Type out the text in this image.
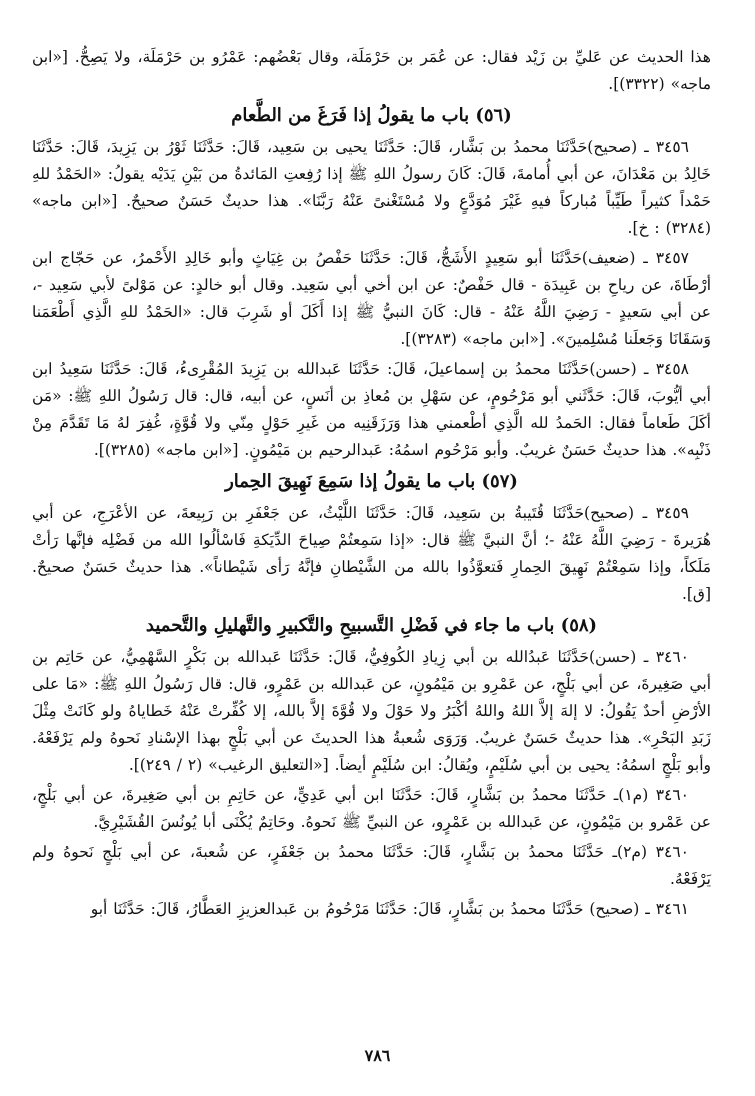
هذا الحديث عن عَليِّ بن زَيْد فقال: عن عُمَر بن حَرْمَلَة، وقال بَعْضُهم: عَمْرُو بن حَرْمَلَة، ولا يَصِحُّ. [«ابن ماجه» (٣٣٢٢)].

(٥٦) باب ما يقولُ إذا فَرَغَ من الطَّعام

٣٤٥٦ ـ (صحيح)حَدَّثَنَا محمدُ بن بَشَّار، قَالَ: حَدَّثَنَا يحيى بن سَعِيد، قَالَ: حَدَّثَنَا ثَوْرُ بن يَزِيدَ، قَالَ: حَدَّثَنَا خَالِدُ بن مَعْدَانَ، عن أبي أُمامةَ، قَالَ: كَانَ رسولُ اللهِ ﷺ إذا رُفِعتِ المَائدةُ من بَيْنِ يَدَيْه يقولُ: «الحَمْدُ للهِ حَمْداً كثيراً طَيِّباً مُباركاً فيهِ غَيْرَ مُوَدَّعٍ ولا مُسْتَغْنىً عَنْهُ رَبَّنَا». هذا حديثٌ حَسَنٌ صحيحٌ. [«ابن ماجه» (٣٢٨٤) : خ].

٣٤٥٧ ـ (ضعيف)حَدَّثَنَا أبو سَعِيدٍ الأَشَجُّ، قَالَ: حَدَّثَنَا حَفْصُ بن غِيَاثٍ وأبو خَالِدِ الأَحْمرُ، عن حَجّاج ابن أرْطَاةَ، عن رياحِ بن عَبِيدَة - قال حَفْصٌ: عن ابن أخي أبي سَعِيد. وقال أبو خالدٍ: عن مَوْلىً لأبي سَعِيد -، عن أبي سَعيدٍ - رَضِيَ اللَّهُ عَنْهُ - قال: كَانَ النبيُّ ﷺ إذا أَكَلَ أو شَرِبَ قال: «الحَمْدُ للهِ الَّذِي أَطْعَمَنا وَسَقَانَا وَجَعلَنا مُسْلِمينَ». [«ابن ماجه» (٣٢٨٣)].

٣٤٥٨ ـ (حسن)حَدَّثَنَا محمدُ بن إسماعيلَ، قَالَ: حَدَّثَنَا عَبدالله بن يَزِيدَ المُقْرِىءُ، قَالَ: حَدَّثَنَا سَعِيدُ ابن أبي أيُّوبَ، قَالَ: حَدَّثَني أبو مَرْحُومٍ، عن سَهْلِ بن مُعاذِ بن أنَسٍ، عن أبيه، قال: قال رَسُولُ اللهِ ﷺ: «مَن أكَلَ طَعاماً فقال: الحَمدُ لله الَّذِي أطْعمني هذا وَرَزَقَنِيه من غَيرِ حَوْلٍ مِنّي ولا قُوَّةٍ، غُفِرَ لهُ مَا تَقَدَّمَ مِنْ ذَنْبِه». هذا حديثٌ حَسَنٌ غريبٌ. وأبو مَرْحُوم اسمُهُ: عَبدالرحيم بن مَيْمُونٍ. [«ابن ماجه» (٣٢٨٥)].

(٥٧) باب ما يقولُ إذا سَمِعَ نَهِيقَ الحِمار

٣٤٥٩ ـ (صحيح)حَدَّثَنَا قُتَيبةُ بن سَعِيد، قَالَ: حَدَّثَنَا اللَّيْثُ، عن جَعْفَرِ بن رَبِيعةَ، عن الأعْرَجِ، عن أبي هُرَيرةَ - رَضِيَ اللَّهُ عَنْهُ -؛ أنَّ النبيَّ ﷺ قال: «إذا سَمِعتُمْ صِياحَ الدِّيَكةِ فَاسْألُوا الله من فَضْلِه فإنَّها رَأتْ مَلَكاً، وإذا سَمِعْتُمْ نَهِيقَ الحِمارِ فَتعوَّذُوا بالله من الشَّيْطانِ فإنَّهُ رَأى شَيْطاناً». هذا حديثٌ حَسَنٌ صحيحٌ. [ق].

(٥٨) باب ما جاء في فَضْلِ التَّسبيحِ والتَّكبيرِ والتَّهليلِ والتَّحميد

٣٤٦٠ ـ (حسن)حَدَّثَنَا عَبدُالله بن أبي زِيادِ الكُوفِيُّ، قَالَ: حَدَّثَنَا عَبدالله بن بَكْرٍ السَّهْمِيُّ، عن حَاتِم بن أبي صَغِيرةَ، عن أبي بَلْجٍ، عن عَمْرِو بن مَيْمُونٍ، عن عَبدالله بن عَمْرٍو، قال: قال رَسُولُ اللهِ ﷺ: «مَا على الأرْضِ أحدٌ يَقُولُ: لا إلهَ إلاَّ اللهُ واللهُ أكْبَرُ ولا حَوْلَ ولا قُوَّةَ إلاَّ بالله، إلا كُفِّرتْ عَنْهُ خَطاياهُ ولو كَانَتْ مِثْلَ زَبَدِ البَحْرِ». هذا حديثٌ حَسَنٌ غريبٌ. وَرَوَى شُعبةُ هذا الحديثَ عن أبي بَلْجٍ بهذا الإسْنادِ نَحوهُ ولم يَرْفَعْهُ. وأبو بَلْجٍ اسمُهُ: يحيى بن أبي سُلَيْمٍ، ويُقالُ: ابن سُلَيْمٍ أيضاً. [«التعليق الرغيب» (٢ / ٢٤٩)].

٣٤٦٠ (م١)ـ حَدَّثَنَا محمدُ بن بَشَّارٍ، قَالَ: حَدَّثَنَا ابن أبي عَدِيٍّ، عن حَاتِمِ بن أبي صَغِيرةَ، عن أبي بَلْجٍ، عن عَمْرو بن مَيْمُونٍ، عن عَبدالله بن عَمْرٍو، عن النبيِّ ﷺ نَحوهُ. وحَاتِمٌ يُكْنَى أبا يُونُسَ القُشَيْرِيَّ.

٣٤٦٠ (م٢)ـ حَدَّثَنَا محمدُ بن بَشَّارٍ، قَالَ: حَدَّثَنَا محمدُ بن جَعْفَرٍ، عن شُعبةَ، عن أبي بَلْجٍ نَحوهُ ولم يَرْفَعْهُ.

٣٤٦١ ـ (صحيح) حَدَّثَنَا محمدُ بن بَشَّارٍ، قَالَ: حَدَّثَنَا مَرْحُومُ بن عَبدالعزيزِ العَطَّارُ، قَالَ: حَدَّثَنَا أبو

٧٨٦
